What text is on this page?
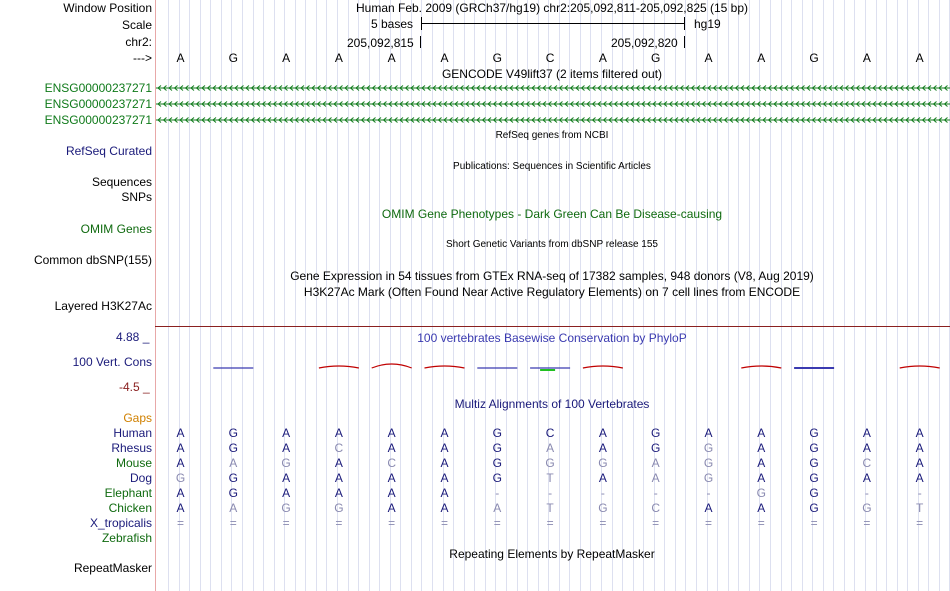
Window Position
Scale
chr2:
--->
Human Feb. 2009 (GRCh37/hg19) chr2:205,092,811-205,092,825 (15 bp)
5 bases	hg19
205,092,815	205,092,820
A	G	A	A	A	A	G	C	A	G	A	A	G	A	A
GENCODE V49lift37 (2 items filtered out)
ENSG00000237271
ENSG00000237271
ENSG00000237271
RefSeq genes from NCBI
RefSeq Curated
Publications: Sequences in Scientific Articles
Sequences
SNPs
OMIM Gene Phenotypes - Dark Green Can Be Disease-causing
OMIM Genes
Short Genetic Variants from dbSNP release 155
Common dbSNP(155)
Gene Expression in 54 tissues from GTEx RNA-seq of 17382 samples, 948 donors (V8, Aug 2019)
H3K27Ac Mark (Often Found Near Active Regulatory Elements) on 7 cell lines from ENCODE
Layered H3K27Ac
100 vertebrates Basewise Conservation by PhyloP
4.88 _
100 Vert. Cons
-4.5 _
Multiz Alignments of 100 Vertebrates
Gaps
Human	A	G	A	A	A	A	G	C	A	G	A	A	G	A	A
Rhesus	A	G	A	C	A	A	G	A	A	G	G	A	G	A	A
Mouse	A	A	G	A	C	A	G	G	G	A	G	A	G	C	A
Dog	G	G	A	A	A	A	G	T	A	A	G	A	G	A	A
Elephant	A	G	A	A	A	A	-	-	-	-	-	G	G	-	-
Chicken	A	A	G	G	A	A	A	T	G	C	A	A	G	G	T
X_tropicalis	=	=	=	=	=	=	=	=	=	=	=	=	=	=	=
Zebrafish
Repeating Elements by RepeatMasker
RepeatMasker
